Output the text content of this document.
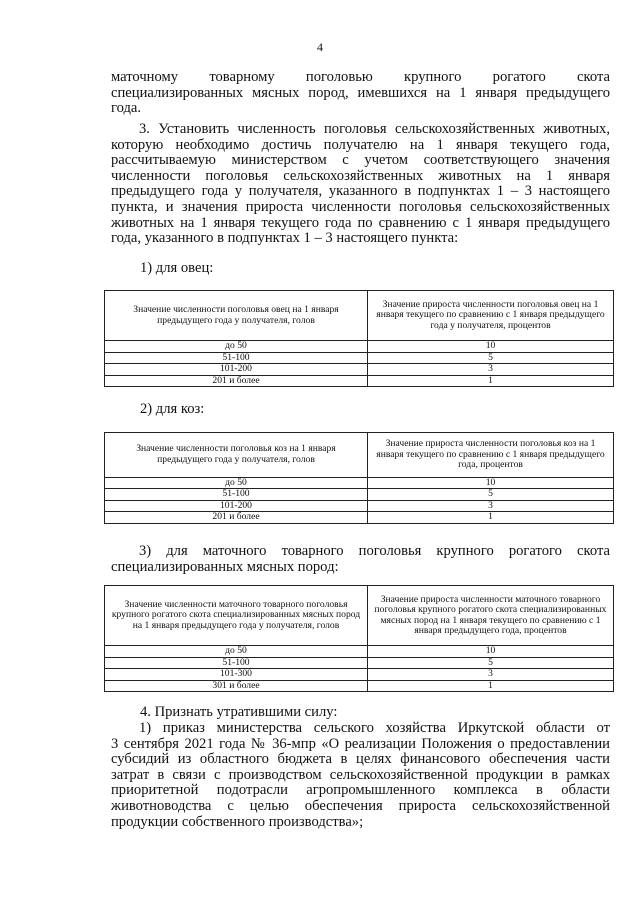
4
маточному товарному поголовью крупного рогатого скота
специализированных мясных пород, имевшихся на 1 января предыдущего
года.
3. Установить численность поголовья сельскохозяйственных животных,
которую необходимо достичь получателю на 1 января текущего года,
рассчитываемую министерством с учетом соответствующего значения
численности поголовья сельскохозяйственных животных на 1 января
предыдущего года у получателя, указанного в подпунктах 1 – 3 настоящего
пункта, и значения прироста численности поголовья сельскохозяйственных
животных на 1 января текущего года по сравнению с 1 января предыдущего
года, указанного в подпунктах 1 – 3 настоящего пункта:
1) для овец:
Значение численности поголовья овец на 1 января предыдущего года у получателя, голов	Значение прироста численности поголовья овец на 1 января текущего по сравнению с 1 января предыдущего года у получателя, процентов
до 50	10
51-100	5
101-200	3
201 и более	1
2) для коз:
Значение численности поголовья коз на 1 января предыдущего года у получателя, голов	Значение прироста численности поголовья коз на 1 января текущего по сравнению с 1 января предыдущего года, процентов
до 50	10
51-100	5
101-200	3
201 и более	1
3) для маточного товарного поголовья крупного рогатого скота
специализированных мясных пород:
Значение численности маточного товарного поголовья крупного рогатого скота специализированных мясных пород на 1 января предыдущего года у получателя, голов	Значение прироста численности маточного товарного поголовья крупного рогатого скота специализированных мясных пород на 1 января текущего по сравнению с 1 января предыдущего года, процентов
до 50	10
51-100	5
101-300	3
301 и более	1
4. Признать утратившими силу:
1) приказ министерства сельского хозяйства Иркутской области от
3 сентября 2021 года № 36-мпр «О реализации Положения о предоставлении
субсидий из областного бюджета в целях финансового обеспечения части
затрат в связи с производством сельскохозяйственной продукции в рамках
приоритетной подотрасли агропромышленного комплекса в области
животноводства с целью обеспечения прироста сельскохозяйственной
продукции собственного производства»;
